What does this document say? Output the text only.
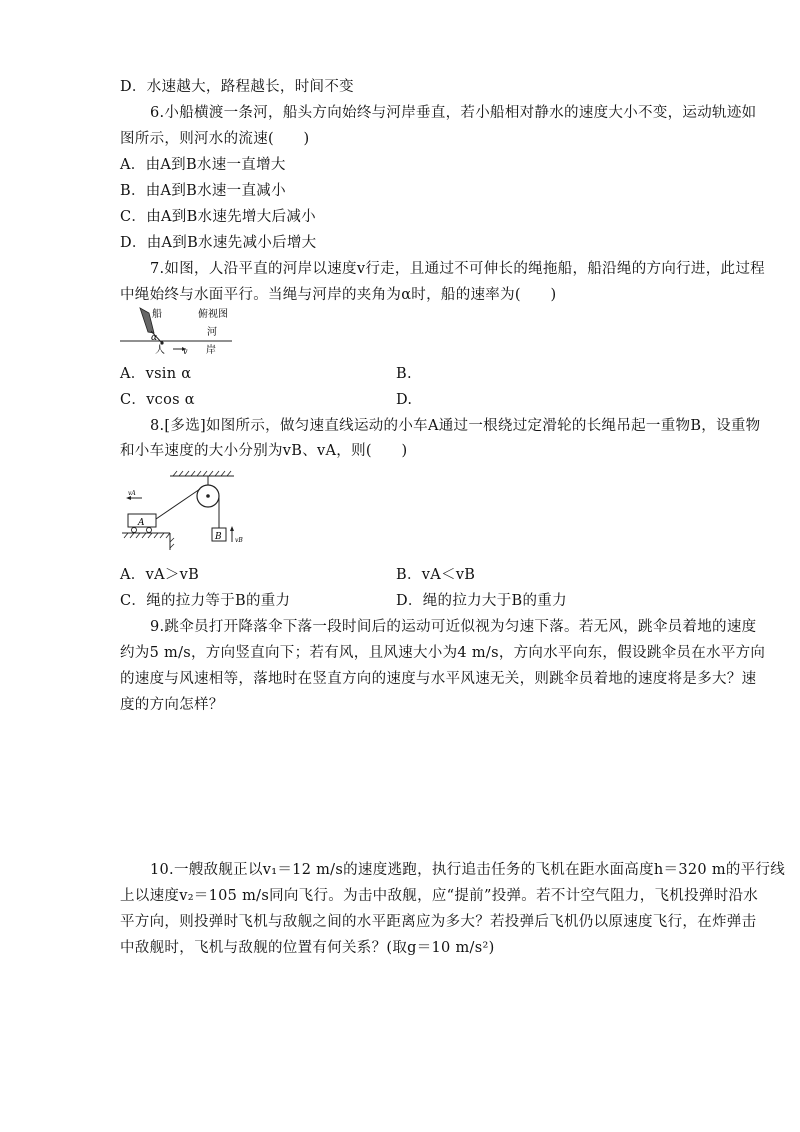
D．水速越大，路程越长，时间不变
6.小船横渡一条河，船头方向始终与河岸垂直，若小船相对静水的速度大小不变，运动轨迹如
图所示，则河水的流速(　　)
A．由A到B水速一直增大
B．由A到B水速一直减小
C．由A到B水速先增大后减小
D．由A到B水速先减小后增大
7.如图，人沿平直的河岸以速度v行走，且通过不可伸长的绳拖船，船沿绳的方向行进，此过程
中绳始终与水面平行。当绳与河岸的夹角为α时，船的速率为(　　)
船	俯视图
河
α
人 v 岸
A．vsin α	B.
C．vcos α	D.
8.[多选]如图所示，做匀速直线运动的小车A通过一根绕过定滑轮的长绳吊起一重物B，设重物
和小车速度的大小分别为vB、vA，则(　　)
B vB
A
vA
A．vA＞vB	B．vA＜vB
C．绳的拉力等于B的重力	D．绳的拉力大于B的重力
9.跳伞员打开降落伞下落一段时间后的运动可近似视为匀速下落。若无风，跳伞员着地的速度
约为5 m/s，方向竖直向下；若有风，且风速大小为4 m/s，方向水平向东，假设跳伞员在水平方向
的速度与风速相等，落地时在竖直方向的速度与水平风速无关，则跳伞员着地的速度将是多大？速
度的方向怎样？
10.一艘敌舰正以v₁＝12 m/s的速度逃跑，执行追击任务的飞机在距水面高度h＝320 m的平行线
上以速度v₂＝105 m/s同向飞行。为击中敌舰，应“提前”投弹。若不计空气阻力，飞机投弹时沿水
平方向，则投弹时飞机与敌舰之间的水平距离应为多大？若投弹后飞机仍以原速度飞行，在炸弹击
中敌舰时，飞机与敌舰的位置有何关系？(取g＝10 m/s²)
